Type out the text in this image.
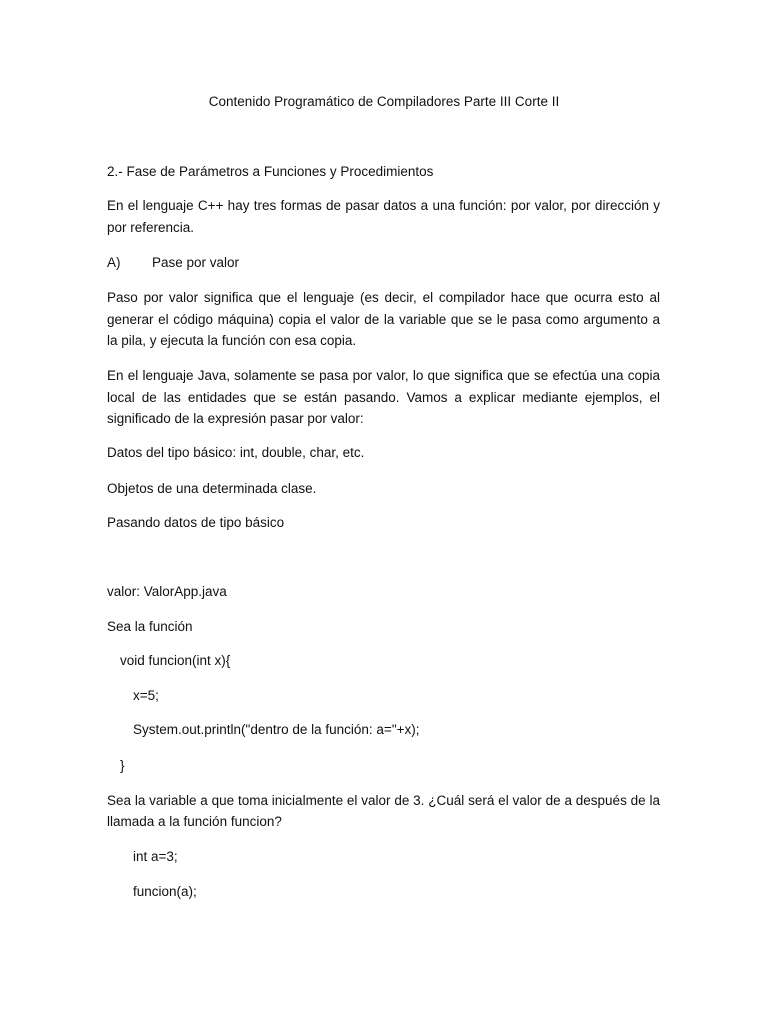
Contenido Programático de Compiladores Parte III Corte II
2.- Fase de Parámetros a Funciones y Procedimientos
En el lenguaje C++ hay tres formas de pasar datos a una función: por valor, por dirección y
por referencia.
A) Pase por valor
Paso por valor significa que el lenguaje (es decir, el compilador hace que ocurra esto al
generar el código máquina) copia el valor de la variable que se le pasa como argumento a
la pila, y ejecuta la función con esa copia.
En el lenguaje Java, solamente se pasa por valor, lo que significa que se efectúa una copia
local de las entidades que se están pasando. Vamos a explicar mediante ejemplos, el
significado de la expresión pasar por valor:
Datos del tipo básico: int, double, char, etc.
Objetos de una determinada clase.
Pasando datos de tipo básico
valor: ValorApp.java
Sea la función
void funcion(int x){
x=5;
System.out.println("dentro de la función: a="+x);
}
Sea la variable a que toma inicialmente el valor de 3. ¿Cuál será el valor de a después de la
llamada a la función funcion?
int a=3;
funcion(a);
